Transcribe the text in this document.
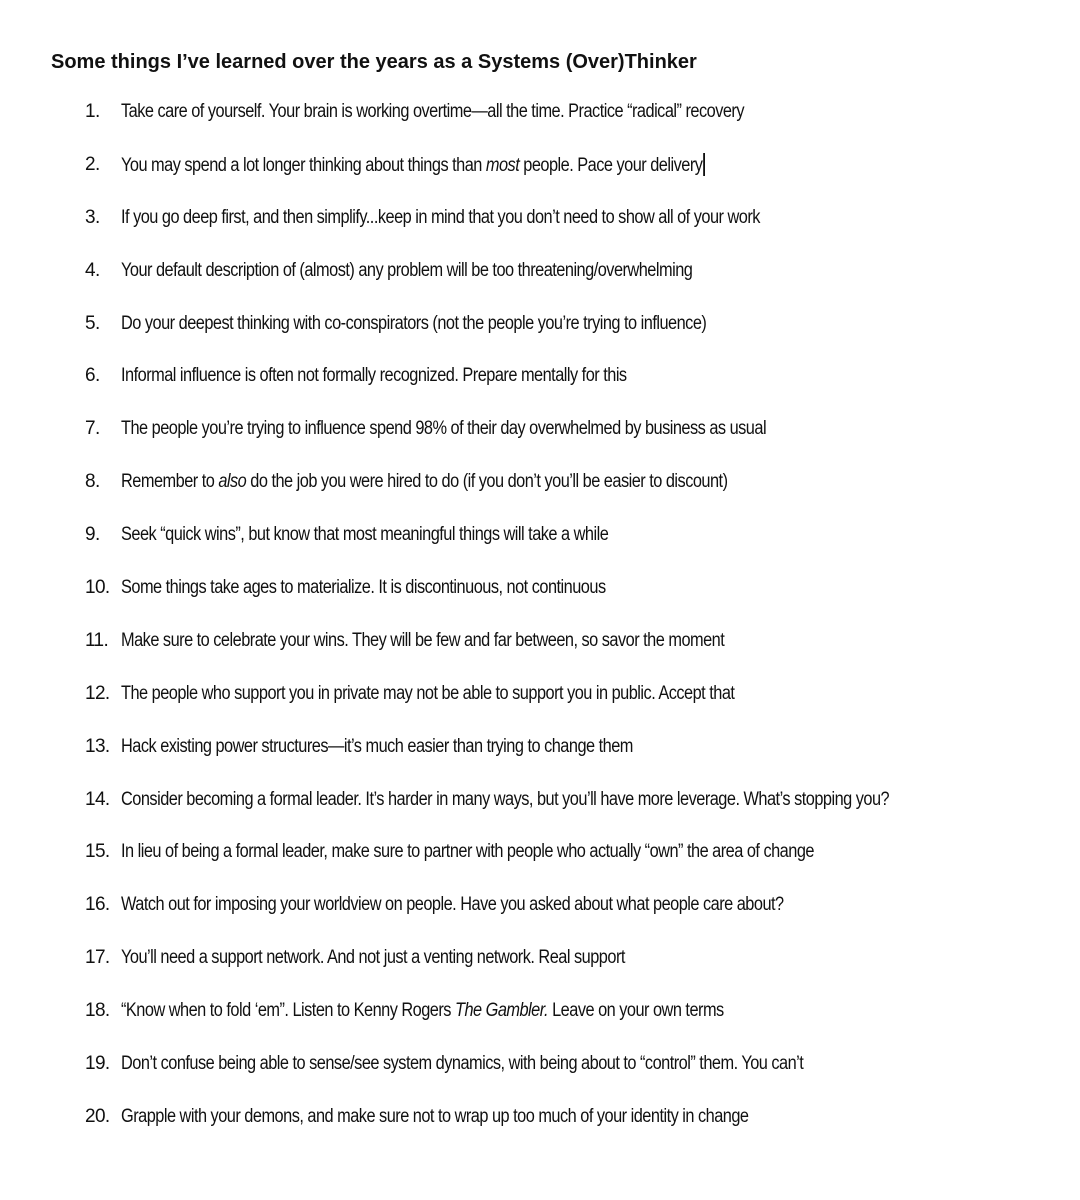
Some things I’ve learned over the years as a Systems (Over)Thinker
1. Take care of yourself. Your brain is working overtime—all the time. Practice “radical” recovery
2. You may spend a lot longer thinking about things than most people. Pace your delivery
3. If you go deep first, and then simplify...keep in mind that you don’t need to show all of your work
4. Your default description of (almost) any problem will be too threatening/overwhelming
5. Do your deepest thinking with co-conspirators (not the people you’re trying to influence)
6. Informal influence is often not formally recognized. Prepare mentally for this
7. The people you’re trying to influence spend 98% of their day overwhelmed by business as usual
8. Remember to also do the job you were hired to do (if you don’t you’ll be easier to discount)
9. Seek “quick wins”, but know that most meaningful things will take a while
10. Some things take ages to materialize. It is discontinuous, not continuous
11. Make sure to celebrate your wins. They will be few and far between, so savor the moment
12. The people who support you in private may not be able to support you in public. Accept that
13. Hack existing power structures—it’s much easier than trying to change them
14. Consider becoming a formal leader. It’s harder in many ways, but you’ll have more leverage. What’s stopping you?
15. In lieu of being a formal leader, make sure to partner with people who actually “own” the area of change
16. Watch out for imposing your worldview on people. Have you asked about what people care about?
17. You’ll need a support network. And not just a venting network. Real support
18. “Know when to fold ‘em”. Listen to Kenny Rogers The Gambler. Leave on your own terms
19. Don’t confuse being able to sense/see system dynamics, with being about to “control” them. You can’t
20. Grapple with your demons, and make sure not to wrap up too much of your identity in change
